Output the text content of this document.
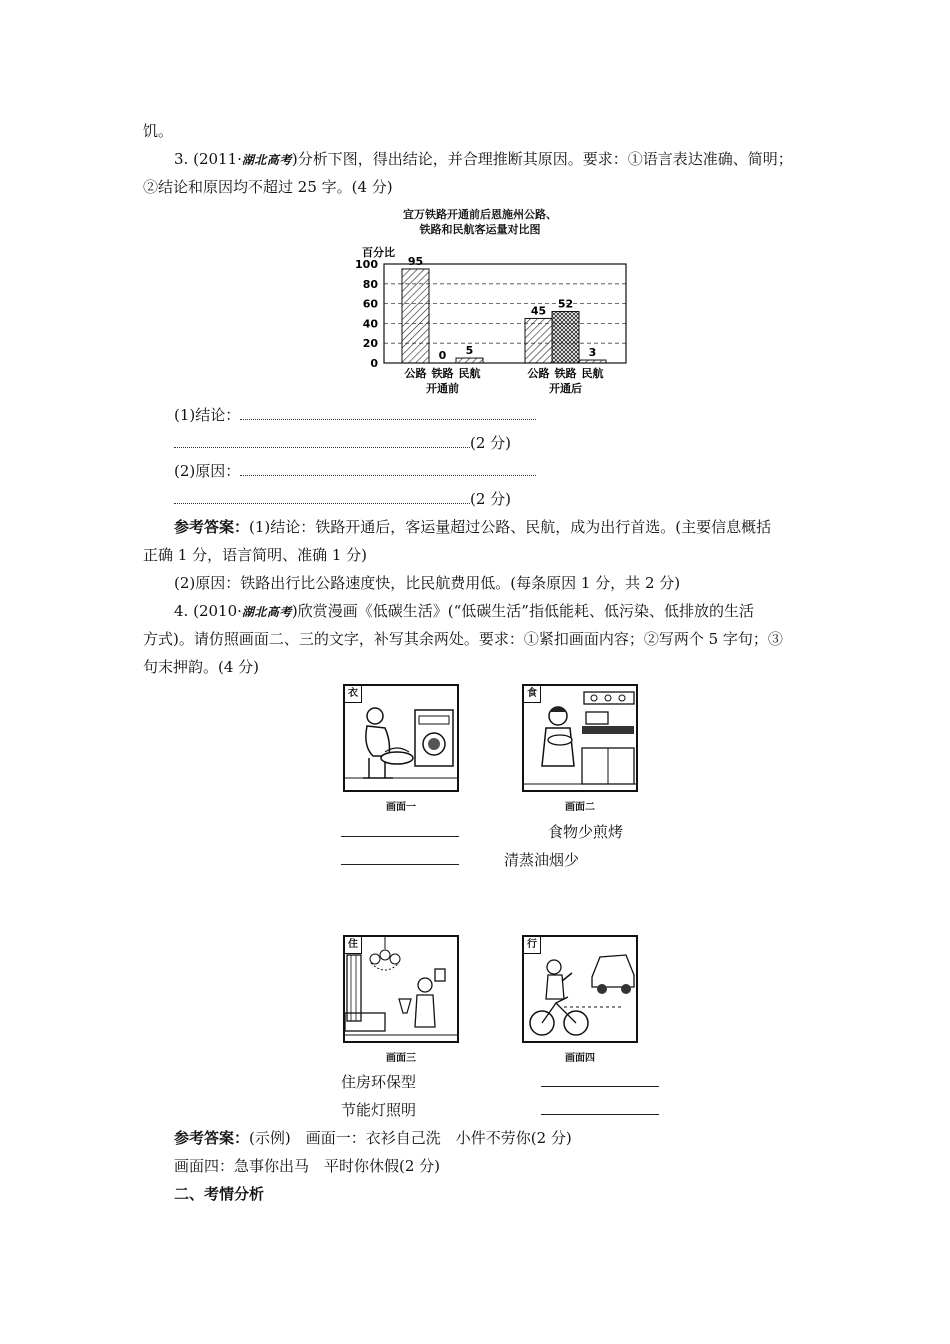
饥。
3. (2011·湖北高考)分析下图，得出结论，并合理推断其原因。要求：①语言表达准确、简明；
②结论和原因均不超过 25 字。(4 分)
宜万铁路开通前后恩施州公路、
铁路和民航客运量对比图
百分比
0
20
40
60
80
100	95
0 5
45
52
3
公路 铁路 民航	公路 铁路 民航
开通前	开通后
(1)结论：
(2 分)
(2)原因：
(2 分)
参考答案：(1)结论：铁路开通后，客运量超过公路、民航，成为出行首选。(主要信息概括
正确 1 分，语言简明、准确 1 分)
(2)原因：铁路出行比公路速度快，比民航费用低。(每条原因 1 分，共 2 分)
4. (2010·湖北高考)欣赏漫画《低碳生活》(“低碳生活”指低能耗、低污染、低排放的生活
方式)。请仿照画面二、三的文字，补写其余两处。要求：①紧扣画面内容；②写两个 5 字句；③
句末押韵。(4 分)
衣
画面一
食
画面二
食物少煎烤
清蒸油烟少
住
画面三
行
画面四
住房环保型
节能灯照明
参考答案：(示例)　画面一：衣衫自己洗　小件不劳你(2 分)
画面四：急事你出马　平时你休假(2 分)
二、考情分析
